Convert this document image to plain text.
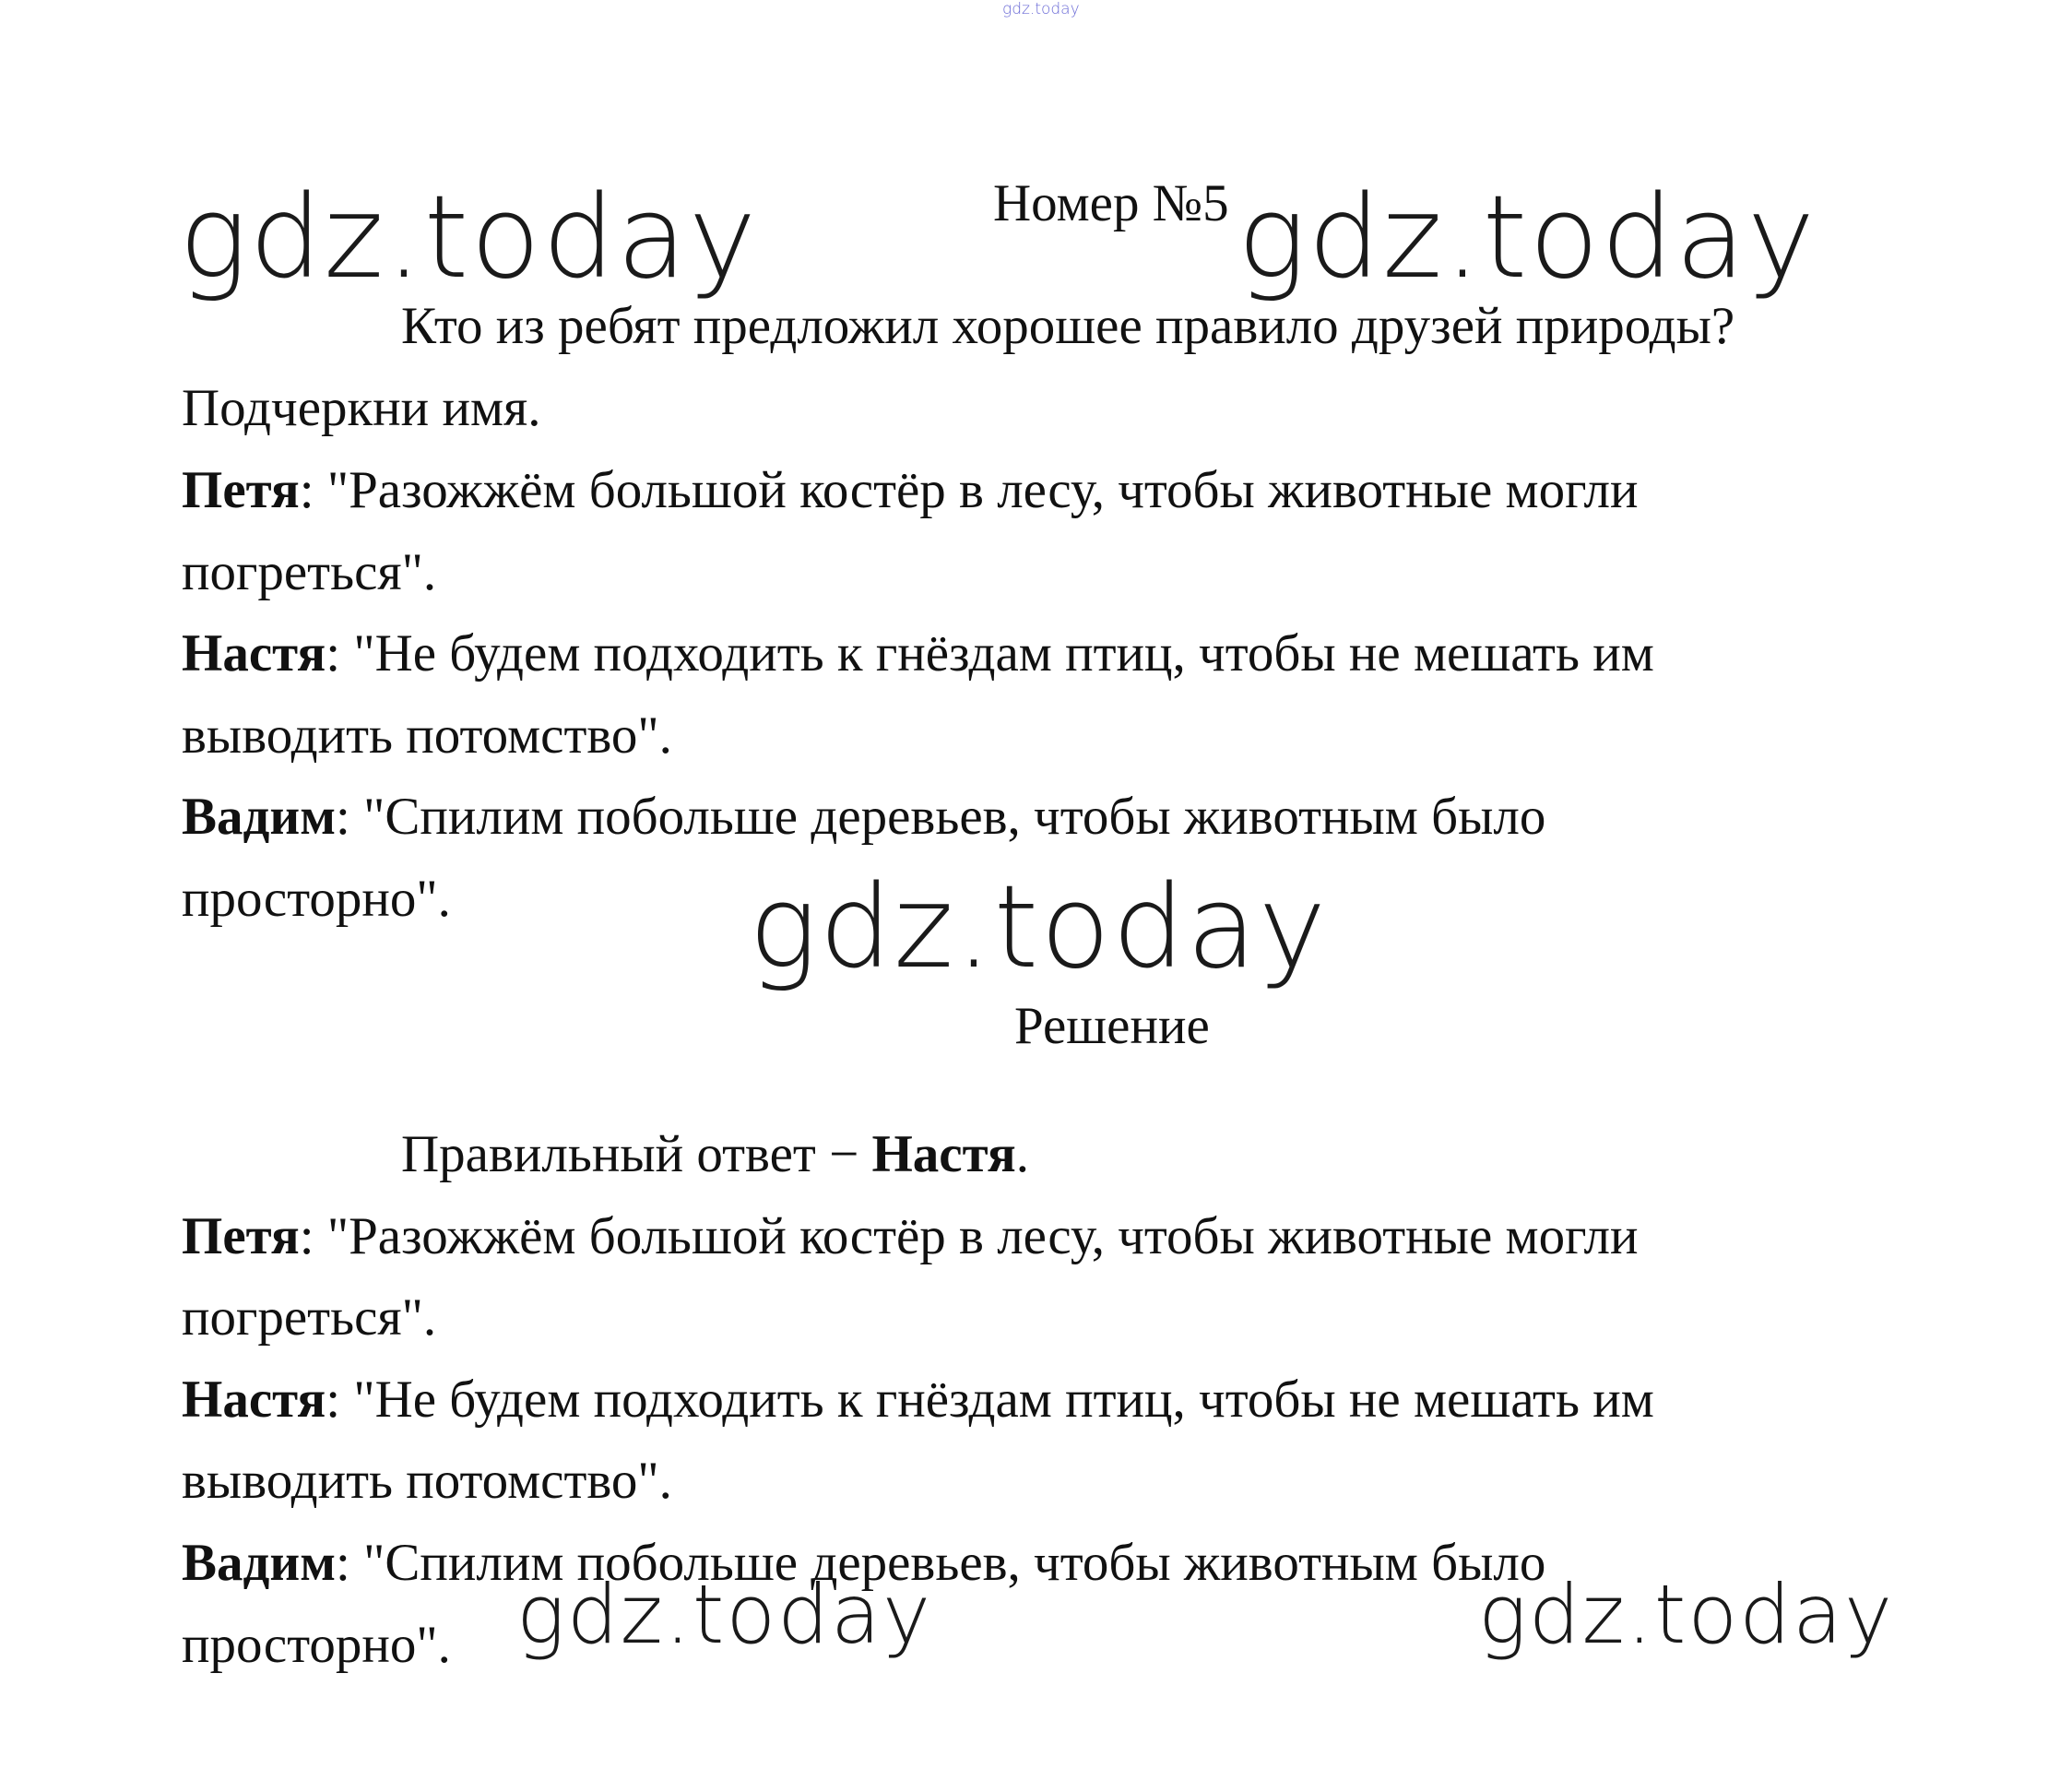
gdz.today
Номер №5
gdz.today	gdz.today
Кто из ребят предложил хорошее правило друзей природы?
Подчеркни имя.
Петя: "Разожжём большой костёр в лесу, чтобы животные могли
погреться".
Настя: "Не будем подходить к гнёздам птиц, чтобы не мешать им
выводить потомство".
Вадим: "Спилим побольше деревьев, чтобы животным было
просторно".	gdz.today
Решение
Правильный ответ − Настя.
Петя: "Разожжём большой костёр в лесу, чтобы животные могли
погреться".
Настя: "Не будем подходить к гнёздам птиц, чтобы не мешать им
выводить потомство".
Вадим: "Спилим побольше деревьев, чтобы животным было
просторно". gdz.today	gdz.today
